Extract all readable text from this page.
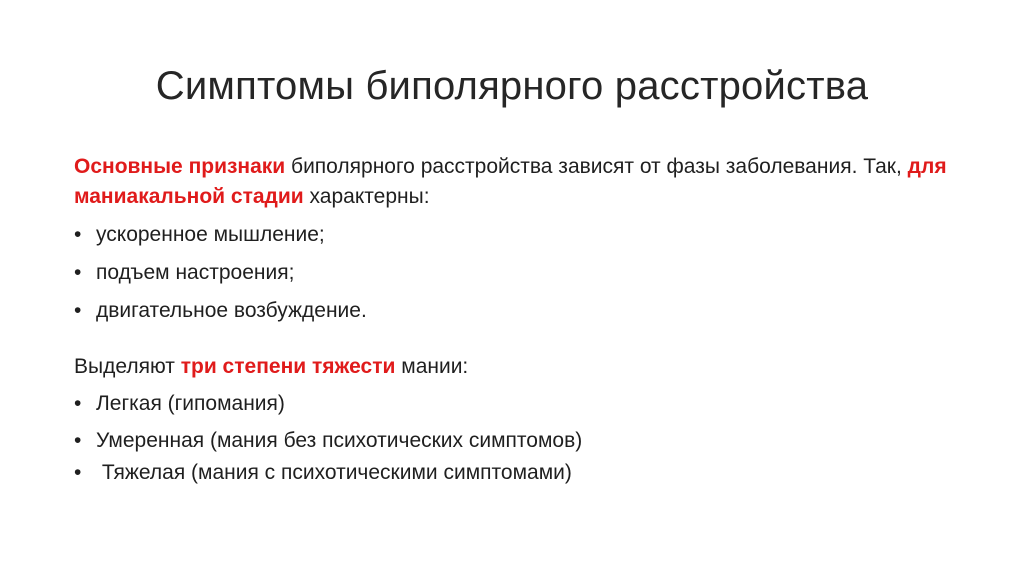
Симптомы биполярного расстройства

Основные признаки биполярного расстройства зависят от фазы заболевания. Так, для маниакальной стадии характерны:

• ускоренное мышление;
• подъем настроения;
• двигательное возбуждение.

Выделяют три степени тяжести мании:

• Легкая (гипомания)
• Умеренная (мания без психотических симптомов)
• Тяжелая (мания с психотическими симптомами)
